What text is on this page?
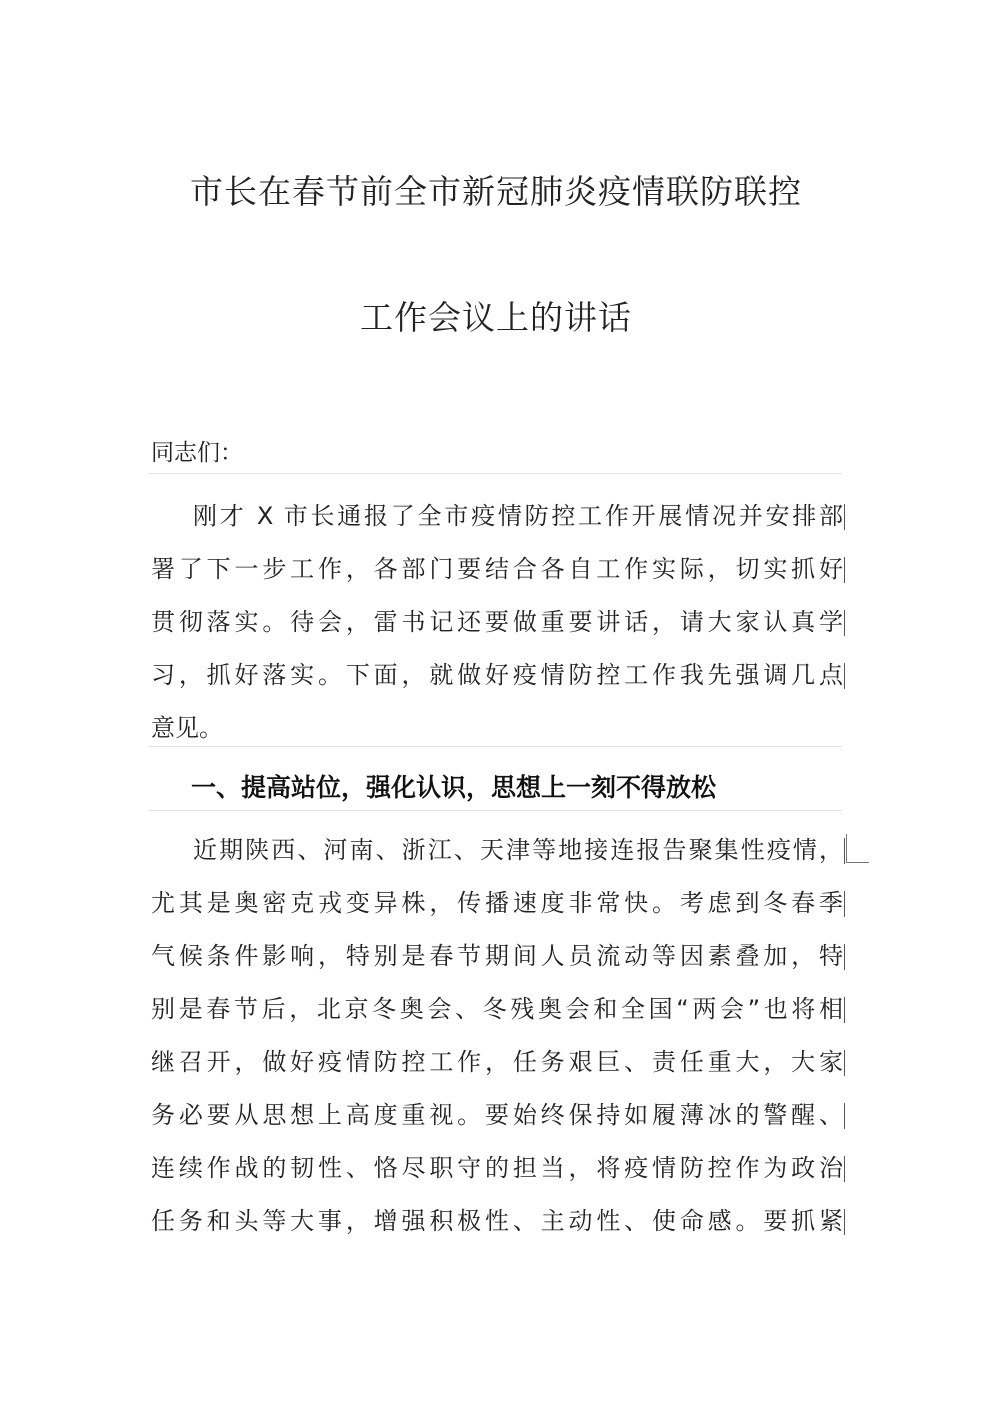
市长在春节前全市新冠肺炎疫情联防联控
工作会议上的讲话
同志们：
刚才 X 市长通报了全市疫情防控工作开展情况并安排部
署了下一步工作，各部门要结合各自工作实际，切实抓好
贯彻落实。待会，雷书记还要做重要讲话，请大家认真学
习，抓好落实。下面，就做好疫情防控工作我先强调几点
意见。
一、提高站位，强化认识，思想上一刻不得放松
近期陕西、河南、浙江、天津等地接连报告聚集性疫情，
尤其是奥密克戎变异株，传播速度非常快。考虑到冬春季
气候条件影响，特别是春节期间人员流动等因素叠加，特
别是春节后，北京冬奥会、冬残奥会和全国“两会”也将相
继召开，做好疫情防控工作，任务艰巨、责任重大，大家
务必要从思想上高度重视。要始终保持如履薄冰的警醒、
连续作战的韧性、恪尽职守的担当，将疫情防控作为政治
任务和头等大事，增强积极性、主动性、使命感。要抓紧
